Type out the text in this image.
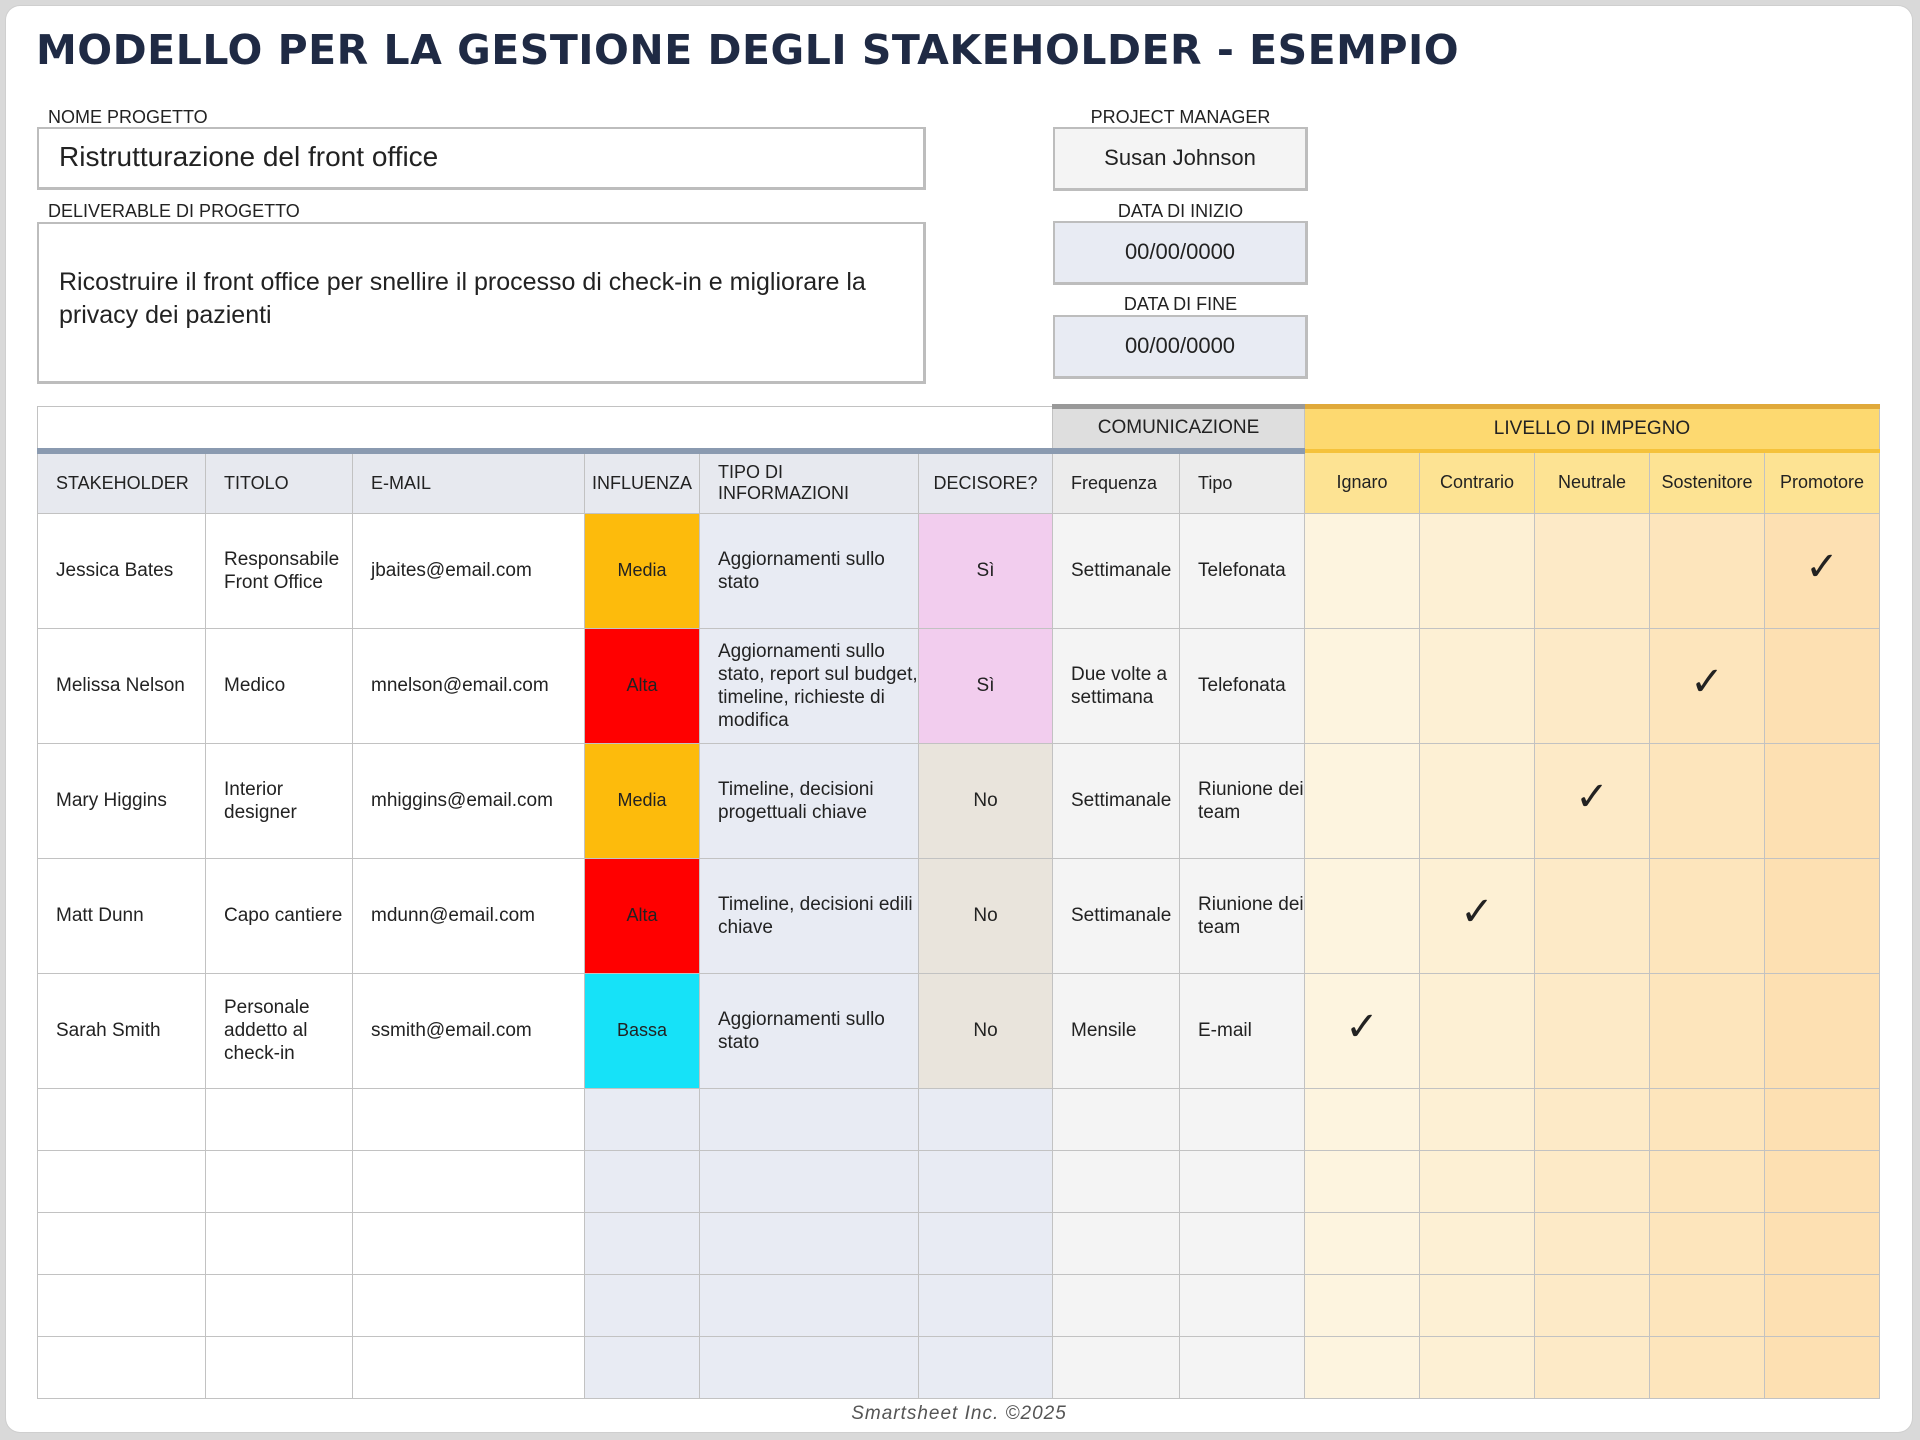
MODELLO PER LA GESTIONE DEGLI STAKEHOLDER - ESEMPIO
NOME PROGETTO
Ristrutturazione del front office
DELIVERABLE DI PROGETTO
Ricostruire il front office per snellire il processo di check-in e migliorare la privacy dei pazienti
PROJECT MANAGER
Susan Johnson
DATA DI INIZIO
00/00/0000
DATA DI FINE
00/00/0000
						COMUNICAZIONE		LIVELLO DI IMPEGNO				
STAKEHOLDER	TITOLO	E-MAIL	INFLUENZA	TIPO DI INFORMAZIONI	DECISORE?	Frequenza	Tipo	Ignaro	Contrario	Neutrale	Sostenitore	Promotore
Jessica Bates	Responsabile Front Office	jbaites@email.com	Media	Aggiornamenti sullo stato	Sì	Settimanale	Telefonata					✓
Melissa Nelson	Medico	mnelson@email.com	Alta	Aggiornamenti sullo stato, report sul budget, timeline, richieste di modifica	Sì	Due volte a settimana	Telefonata				✓	
Mary Higgins	Interior designer	mhiggins@email.com	Media	Timeline, decisioni progettuali chiave	No	Settimanale	Riunione dei team			✓		
Matt Dunn	Capo cantiere	mdunn@email.com	Alta	Timeline, decisioni edili chiave	No	Settimanale	Riunione dei team		✓			
Sarah Smith	Personale addetto al check-in	ssmith@email.com	Bassa	Aggiornamenti sullo stato	No	Mensile	E-mail	✓				

Smartsheet Inc. ©2025
